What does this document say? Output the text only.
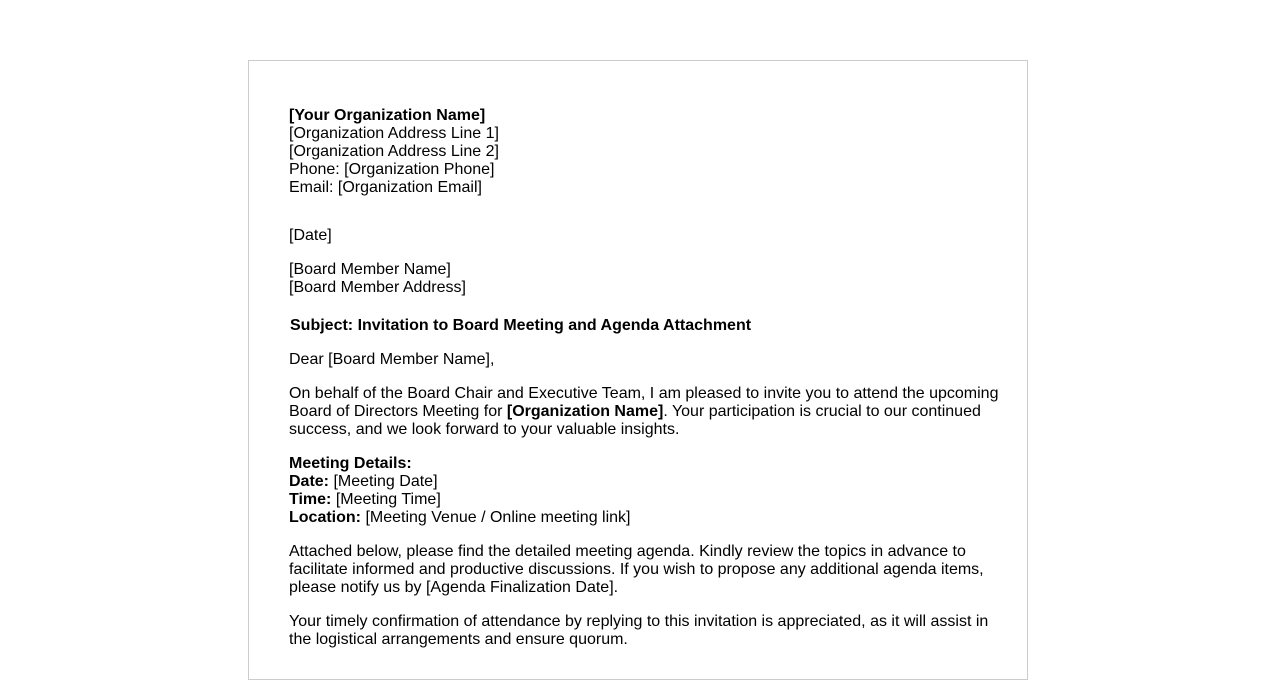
[Your Organization Name]
[Organization Address Line 1]
[Organization Address Line 2]
Phone: [Organization Phone]
Email: [Organization Email]
[Date]
[Board Member Name]
[Board Member Address]
Subject: Invitation to Board Meeting and Agenda Attachment
Dear [Board Member Name],
On behalf of the Board Chair and Executive Team, I am pleased to invite you to attend the upcoming Board of Directors Meeting for [Organization Name]. Your participation is crucial to our continued success, and we look forward to your valuable insights.
Meeting Details:
Date: [Meeting Date]
Time: [Meeting Time]
Location: [Meeting Venue / Online meeting link]
Attached below, please find the detailed meeting agenda. Kindly review the topics in advance to facilitate informed and productive discussions. If you wish to propose any additional agenda items, please notify us by [Agenda Finalization Date].
Your timely confirmation of attendance by replying to this invitation is appreciated, as it will assist in the logistical arrangements and ensure quorum.
